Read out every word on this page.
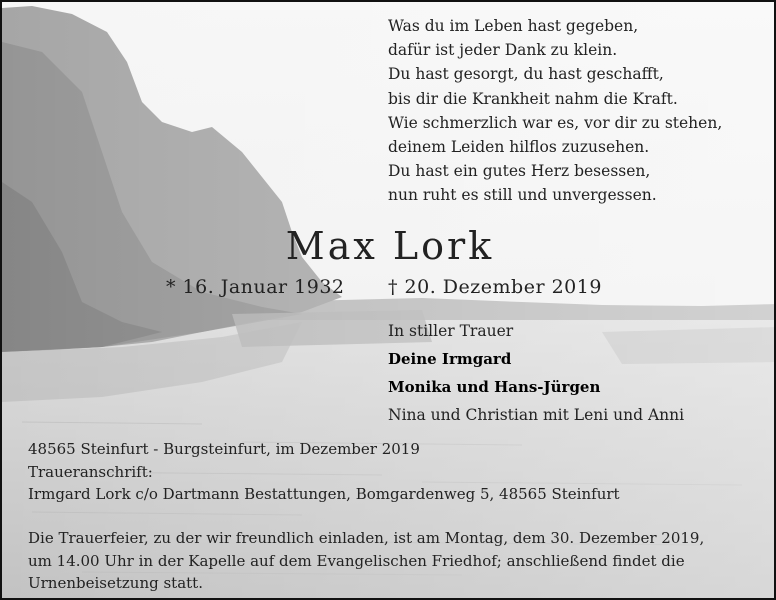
Was du im Leben hast gegeben,
dafür ist jeder Dank zu klein.
Du hast gesorgt, du hast geschafft,
bis dir die Krankheit nahm die Kraft.
Wie schmerzlich war es, vor dir zu stehen,
deinem Leiden hilflos zuzusehen.
Du hast ein gutes Herz besessen,
nun ruht es still und unvergessen.
Max Lork
* 16. Januar 1932 † 20. Dezember 2019
In stiller Trauer
Deine Irmgard
Monika und Hans-Jürgen
Nina und Christian mit Leni und Anni
48565 Steinfurt - Burgsteinfurt, im Dezember 2019
Traueranschrift:
Irmgard Lork c/o Dartmann Bestattungen, Bomgardenweg 5, 48565 Steinfurt
Die Trauerfeier, zu der wir freundlich einladen, ist am Montag, dem 30. Dezember 2019,
um 14.00 Uhr in der Kapelle auf dem Evangelischen Friedhof; anschließend findet die
Urnenbeisetzung statt.
